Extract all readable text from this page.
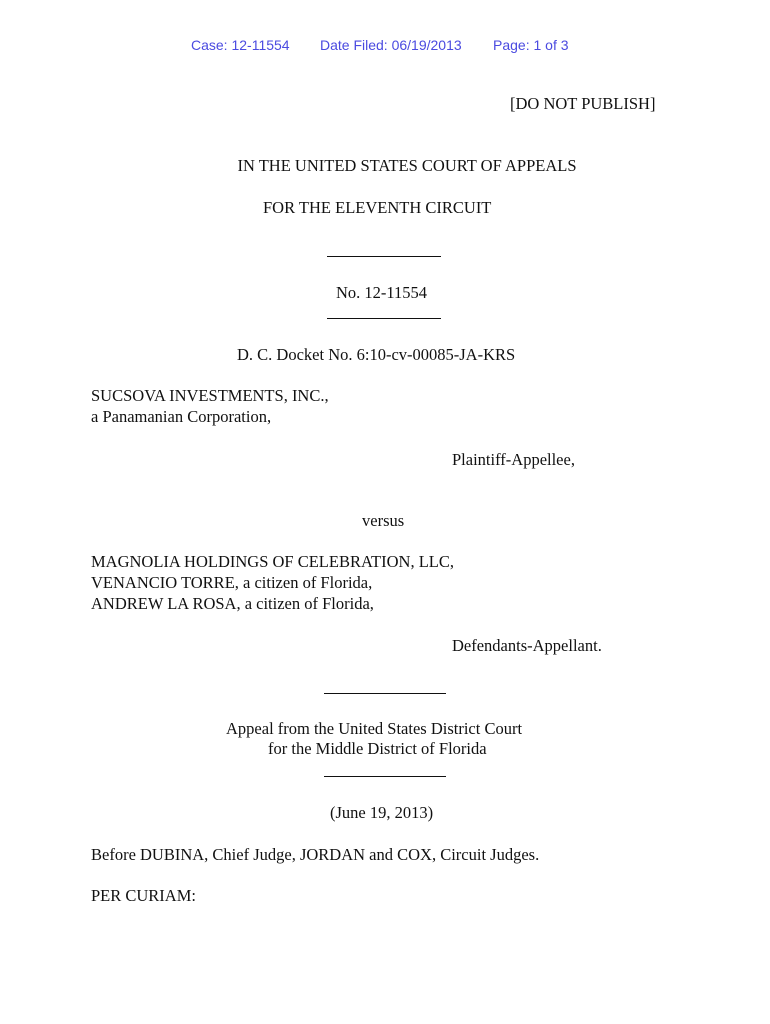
Case: 12-11554 Date Filed: 06/19/2013 Page: 1 of 3
[DO NOT PUBLISH]
IN THE UNITED STATES COURT OF APPEALS
FOR THE ELEVENTH CIRCUIT
No. 12-11554
D. C. Docket No. 6:10-cv-00085-JA-KRS
SUCSOVA INVESTMENTS, INC.,
a Panamanian Corporation,
Plaintiff-Appellee,
versus
MAGNOLIA HOLDINGS OF CELEBRATION, LLC,
VENANCIO TORRE, a citizen of Florida,
ANDREW LA ROSA, a citizen of Florida,
Defendants-Appellant.
Appeal from the United States District Court
for the Middle District of Florida
(June 19, 2013)
Before DUBINA, Chief Judge, JORDAN and COX, Circuit Judges.
PER CURIAM:
